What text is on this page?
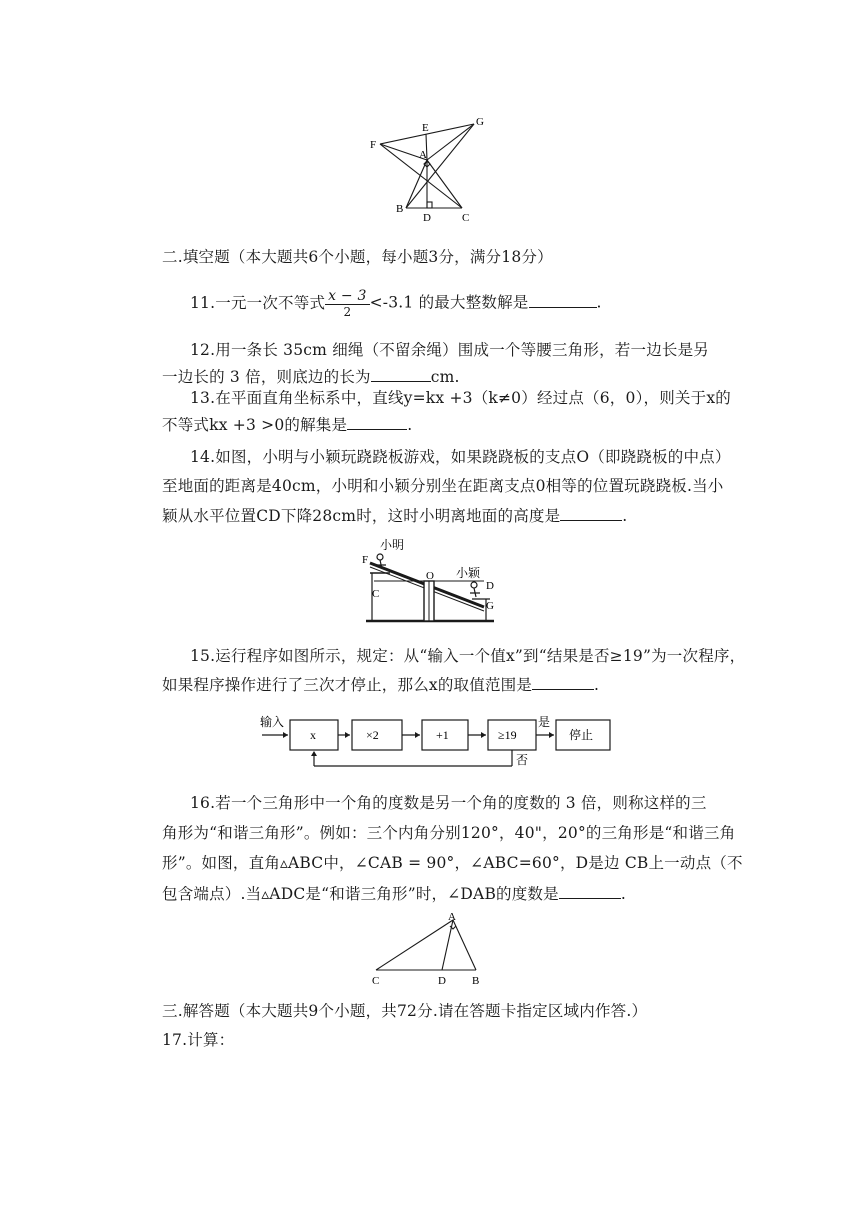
F
E	G
A
B
D	C
二.填空题（本大题共6个小题，每小题3分，满分18分）
11.一元一次不等式 $\frac{x - 3}{2} <-3.1$ 的最大整数解是	.
12.用一条长 35cm 细绳（不留余绳）围成一个等腰三角形，若一边长是另
一边长的 3 倍，则底边的长为	cm.
13.在平面直角坐标系中，直线y=kx +3（k≠0）经过点（6，0），则关于x的
不等式kx +3 >0的解集是	.
14.如图，小明与小颖玩跷跷板游戏，如果跷跷板的支点O（即跷跷板的中点）
至地面的距离是40cm，小明和小颖分别坐在距离支点0相等的位置玩跷跷板.当小
颖从水平位置CD下降28cm时，这时小明离地面的高度是	.
小明
F
C
O 小颖
D
G
15.运行程序如图所示，规定：从“输入一个值x”到“结果是否≥19”为一次程序，
如果程序操作进行了三次才停止，那么x的取值范围是	.
输入
x	×2	+1	≥19	停止
是
否
16.若一个三角形中一个角的度数是另一个角的度数的 3 倍，则称这样的三
角形为“和谐三角形”。例如：三个内角分别120°，40"，20°的三角形是“和谐三角
形”。如图，直角▵ABC中，∠CAB = 90°，∠ABC=60°，D是边 CB上一动点（不
包含端点）.当▵ADC是“和谐三角形”时，∠DAB的度数是	.
A
C	D B
三.解答题（本大题共9个小题，共72分.请在答题卡指定区域内作答.）
17.计算：
